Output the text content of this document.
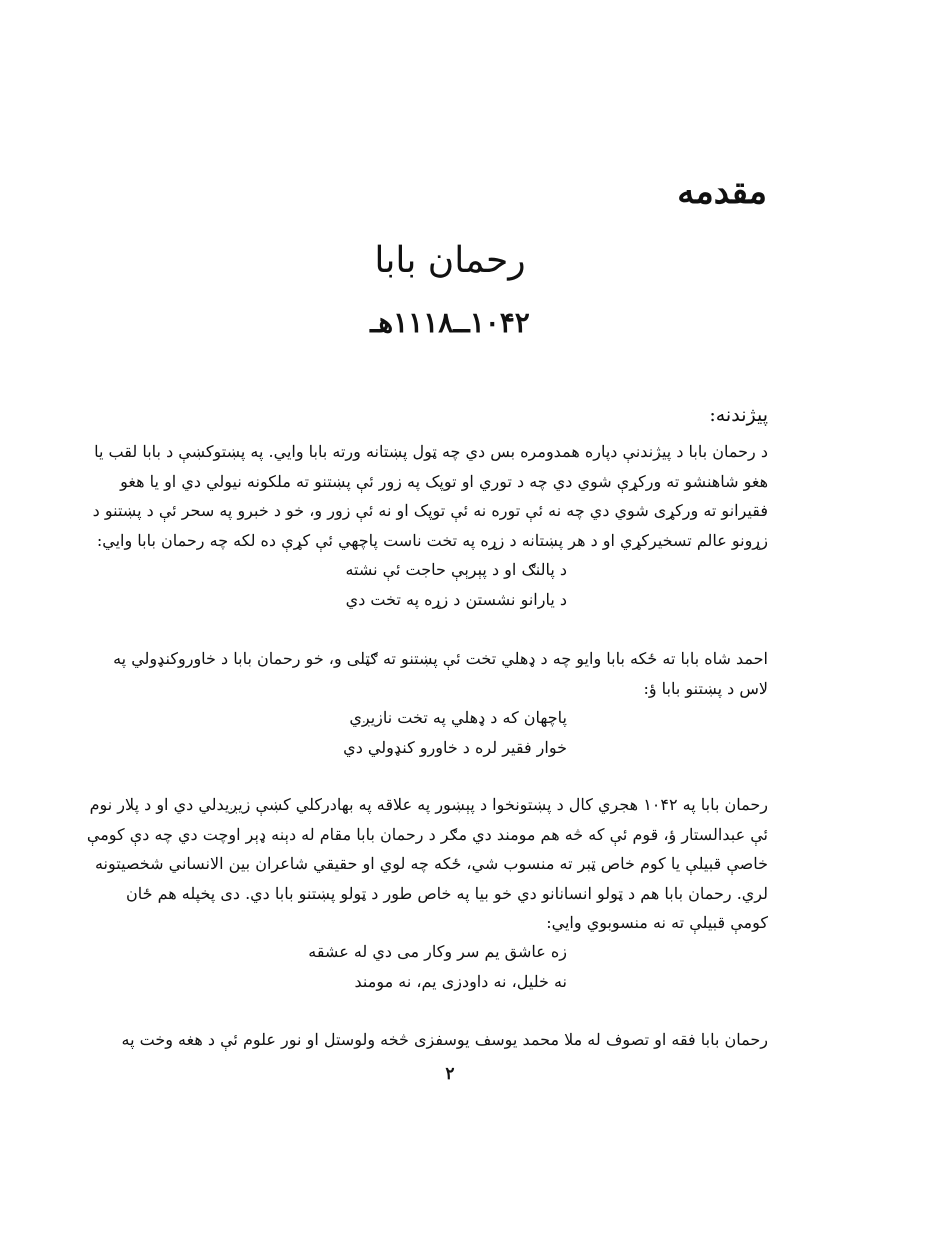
مقدمه
رحمان بابا
۱۰۴۲ــ۱۱۱۸هـ
پیژندنه:
د رحمان بابا د پیژندنې دپاره همدومره بس دي چه ټول پښتانه ورته بابا وايي. په پښتوکښې د بابا لقب يا
هغو شاهنشو ته ورکړې شوي دي چه د توري او توپک په زور ئې پښتنو ته ملکونه نيولي دي او يا هغو
فقيرانو ته ورکړی شوي دي چه نه ئې توره نه ئې توپک او نه ئې زور و، خو د خبرو په سحر ئې د پښتنو د
زړونو عالم تسخيرکړي او د هر پښتانه د زړه په تخت ناست پاچهي ئې کړې ده لکه چه رحمان بابا وايي:
د پالنګ او د پېرېې حاجت ئې نشته
د يارانو نشستن د زړه په تخت دي
احمد شاه بابا ته ځکه بابا وايو چه د ډهلي تخت ئې پښتنو ته ګټلی و، خو رحمان بابا د خاوروکنډولي په
لاس د پښتنو بابا ؤ:
پاچهان که د ډهلي په تخت نازيږي
خوار فقير لره د خاورو کنډولي دي
رحمان بابا په ۱۰۴۲ هجري کال د پښتونخوا د پېښور په علاقه په بهادرکلي کښې زيږيدلي دي او د پلار نوم
ئې عبدالستار ؤ، قوم ئې که څه هم مومند دي مګر د رحمان بابا مقام له دېنه ډېر اوچت دي چه دې کومې
خاصې قبيلې يا کوم خاص ټبر ته منسوب شي، ځکه چه لوي او حقيقي شاعران بين الانساني شخصيتونه
لري. رحمان بابا هم د ټولو انسانانو دي خو بيا په خاص طور د ټولو پښتنو بابا دي. دی پخپله هم ځان
کومې قبيلې ته نه منسوبوي وايي:
زه عاشق يم سر وکار می دي له عشقه
نه خليل، نه داودزی يم، نه مومند
رحمان بابا فقه او تصوف له ملا محمد يوسف يوسفزی څخه ولوستل او نور علوم ئې د هغه وخت په
۲
